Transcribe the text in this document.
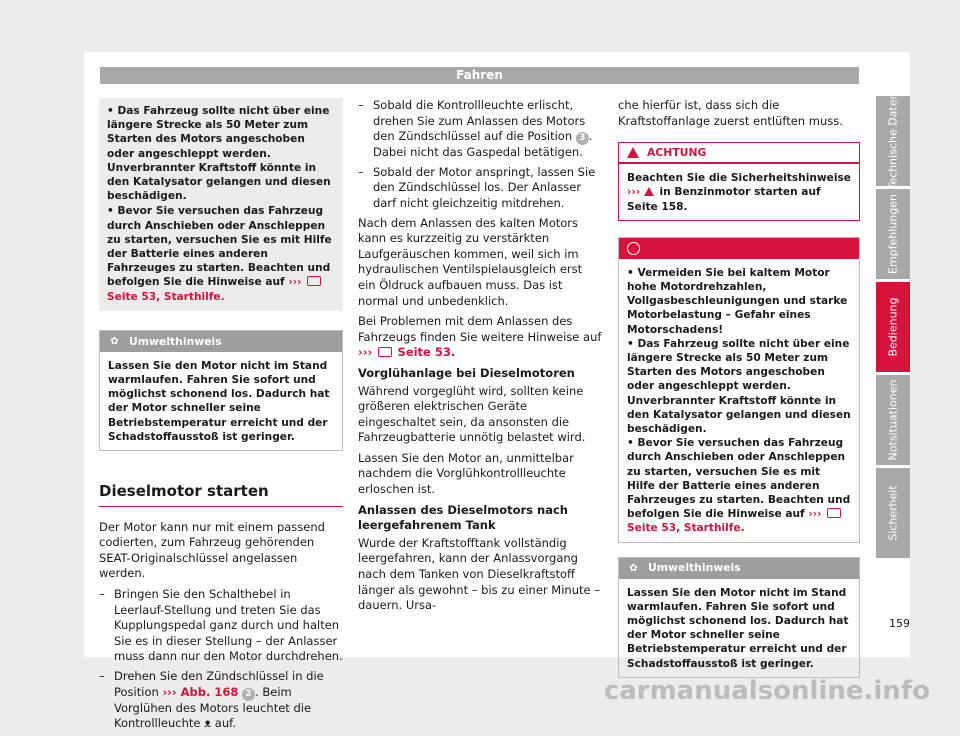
Fahren

• Das Fahrzeug sollte nicht über eine längere Strecke als 50 Meter zum Starten des Motors angeschoben oder angeschleppt werden. Unverbrannter Kraftstoff könnte in den Katalysator gelangen und diesen beschädigen.

• Bevor Sie versuchen das Fahrzeug durch Anschieben oder Anschleppen zu starten, versuchen Sie es mit Hilfe der Batterie eines anderen Fahrzeuges zu starten. Beachten und befolgen Sie die Hinweise auf ›››  Seite 53, Starthilfe.

✿ Umwelthinweis
Lassen Sie den Motor nicht im Stand warmlaufen. Fahren Sie sofort und möglichst schonend los. Dadurch hat der Motor schneller seine Betriebstemperatur erreicht und der Schadstoffausstoß ist geringer.
Dieselmotor starten

Der Motor kann nur mit einem passend codierten, zum Fahrzeug gehörenden SEAT-Originalschlüssel angelassen werden.

– Bringen Sie den Schalthebel in Leerlauf-Stellung und treten Sie das Kupplungspedal ganz durch und halten Sie es in dieser Stellung – der Anlasser muss dann nur den Motor durchdrehen.
– Drehen Sie den Zündschlüssel in die Position ››› Abb. 168 2 . Beim Vorglühen des Motors leuchtet die Kontrollleuchte ᴥ auf.
– Sobald die Kontrollleuchte erlischt, drehen Sie zum Anlassen des Motors den Zündschlüssel auf die Position 3 . Dabei nicht das Gaspedal betätigen.
– Sobald der Motor anspringt, lassen Sie den Zündschlüssel los. Der Anlasser darf nicht gleichzeitig mitdrehen.

Nach dem Anlassen des kalten Motors kann es kurzzeitig zu verstärkten Laufgeräuschen kommen, weil sich im hydraulischen Ventilspielausgleich erst ein Öldruck aufbauen muss. Das ist normal und unbedenklich.

Bei Problemen mit dem Anlassen des Fahrzeugs finden Sie weitere Hinweise auf ››› Seite 53.

Vorglühanlage bei Dieselmotoren

Während vorgeglüht wird, sollten keine größeren elektrischen Geräte eingeschaltet sein, da ansonsten die Fahrzeugbatterie unnötig belastet wird.

Lassen Sie den Motor an, unmittelbar nachdem die Vorglühkontrollleuchte erloschen ist.

Anlassen des Dieselmotors nach leergefahrenem Tank

Wurde der Kraftstofftank vollständig leergefahren, kann der Anlassvorgang nach dem Tanken von Dieselkraftstoff länger als gewohnt – bis zu einer Minute – dauern. Ursa-

che hierfür ist, dass sich die Kraftstoffanlage zuerst entlüften muss.

ACHTUNG
Beachten Sie die Sicherheitshinweise ››› in Benzinmotor starten auf Seite 158.
!	VORSICHT

• Vermeiden Sie bei kaltem Motor hohe Motordrehzahlen, Vollgasbeschleunigungen und starke Motorbelastung – Gefahr eines Motorschadens!

• Das Fahrzeug sollte nicht über eine längere Strecke als 50 Meter zum Starten des Motors angeschoben oder angeschleppt werden. Unverbrannter Kraftstoff könnte in den Katalysator gelangen und diesen beschädigen.

• Bevor Sie versuchen das Fahrzeug durch Anschieben oder Anschleppen zu starten, versuchen Sie es mit Hilfe der Batterie eines anderen Fahrzeuges zu starten. Beachten und befolgen Sie die Hinweise auf ›››  Seite 53, Starthilfe.

✿ Umwelthinweis
Lassen Sie den Motor nicht im Stand warmlaufen. Fahren Sie sofort und möglichst schonend los. Dadurch hat der Motor schneller seine Betriebstemperatur erreicht und der Schadstoffausstoß ist geringer.
Technische Daten
Empfehlungen
Bedienung
Notsituationen
Sicherheit
159
carmanualsonline.info
